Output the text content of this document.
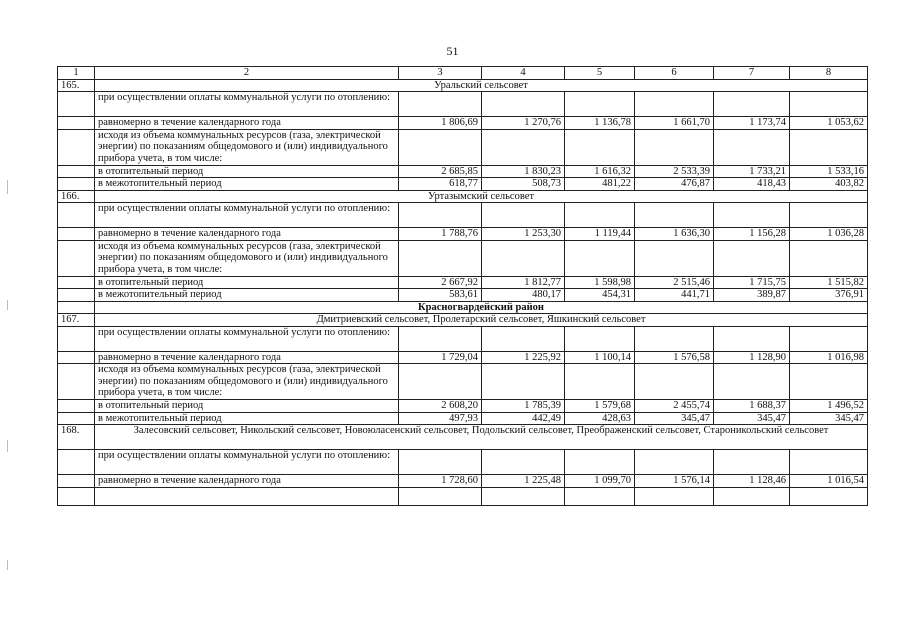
51
1	2	3	4	5	6	7	8
165.	Уральский сельсовет						
	при осуществлении оплаты коммунальной услуги по отоплению:						
	равномерно в течение календарного года	1 806,69	1 270,76	1 136,78	1 661,70	1 173,74	1 053,62
	исходя из объема коммунальных ресурсов (газа, электрической энергии) по показаниям общедомового и (или) индивидуального прибора учета, в том числе:						
	в отопительный период	2 685,85	1 830,23	1 616,32	2 533,39	1 733,21	1 533,16
	в межотопительный период	618,77	508,73	481,22	476,87	418,43	403,82
166.	Уртазымский сельсовет						
	при осуществлении оплаты коммунальной услуги по отоплению:						
	равномерно в течение календарного года	1 788,76	1 253,30	1 119,44	1 636,30	1 156,28	1 036,28
	исходя из объема коммунальных ресурсов (газа, электрической энергии) по показаниям общедомового и (или) индивидуального прибора учета, в том числе:						
	в отопительный период	2 667,92	1 812,77	1 598,98	2 515,46	1 715,75	1 515,82
	в межотопительный период	583,61	480,17	454,31	441,71	389,87	376,91
	Красногвардейский район						
167.	Дмитриевский сельсовет, Пролетарский сельсовет, Яшкинский сельсовет						
	при осуществлении оплаты коммунальной услуги по отоплению:						
	равномерно в течение календарного года	1 729,04	1 225,92	1 100,14	1 576,58	1 128,90	1 016,98
	исходя из объема коммунальных ресурсов (газа, электрической энергии) по показаниям общедомового и (или) индивидуального прибора учета, в том числе:						
	в отопительный период	2 608,20	1 785,39	1 579,68	2 455,74	1 688,37	1 496,52
	в межотопительный период	497,93	442,49	428,63	345,47	345,47	345,47
168.	Залесовский сельсовет, Никольский сельсовет, Новоюласенский сельсовет, Подольский сельсовет, Преображенский сельсовет, Староникольский сельсовет						
	при осуществлении оплаты коммунальной услуги по отоплению:						
	равномерно в течение календарного года	1 728,60	1 225,48	1 099,70	1 576,14	1 128,46	1 016,54
